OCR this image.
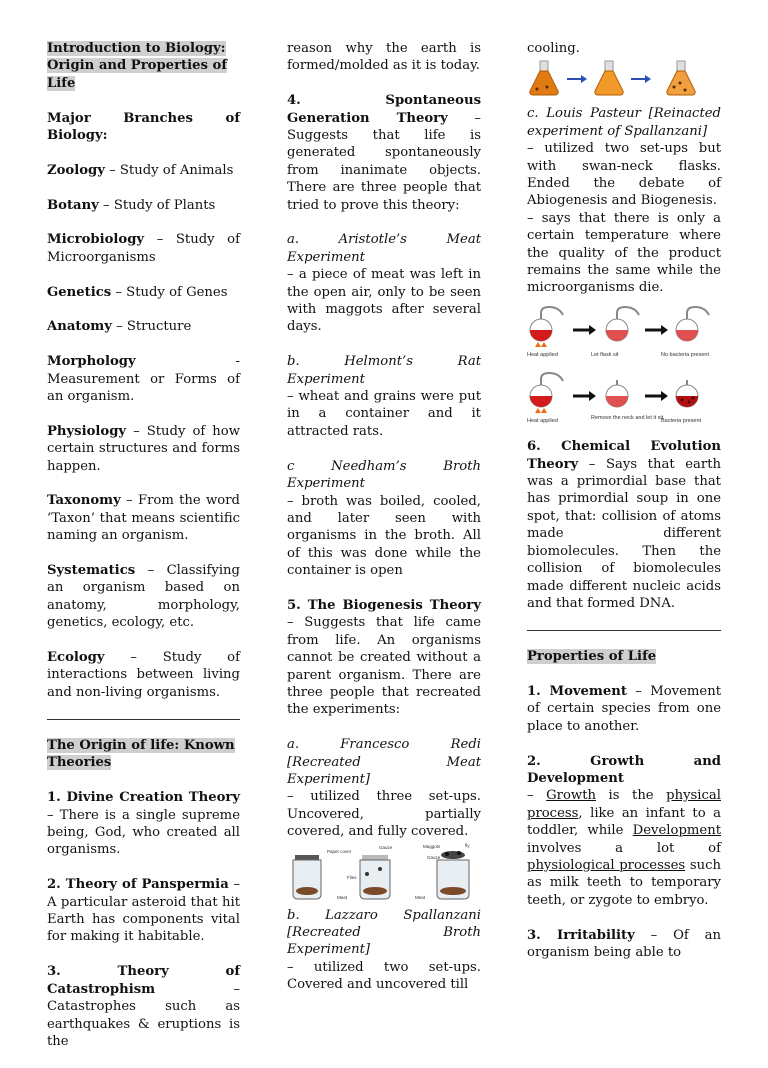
Introduction to Biology:
Origin and Properties of Life

Major Branches of Biology:

Zoology – Study of Animals

Botany – Study of Plants

Microbiology – Study of Microorganisms

Genetics – Study of Genes

Anatomy – Structure

Morphology - Measurement or Forms of an organism.

Physiology – Study of how certain structures and forms happen.

Taxonomy – From the word ‘Taxon’ that means scientific naming an organism.

Systematics – Classifying an organism based on anatomy, morphology, genetics, ecology, etc.

Ecology – Study of interactions between living and non-living organisms.

The Origin of life: Known Theories

1. Divine Creation Theory – There is a single supreme being, God, who created all organisms.

2. Theory of Panspermia – A particular asteroid that hit Earth has components vital for making it habitable.

3. Theory of Catastrophism – Catastrophes such as earthquakes & eruptions is the

reason why the earth is formed/molded as it is today.

4. Spontaneous Generation Theory – Suggests that life is generated spontaneously from inanimate objects. There are three people that tried to prove this theory:

a. Aristotle’s Meat Experiment
– a piece of meat was left in the open air, only to be seen with maggots after several days.

b. Helmont’s Rat Experiment
– wheat and grains were put in a container and it attracted rats.

c Needham’s Broth Experiment
– broth was boiled, cooled, and later seen with organisms in the broth. All of this was done while the container is open

5. The Biogenesis Theory – Suggests that life came from life. An organisms cannot be created without a parent organism. There are three people that recreated the experiments:

a. Francesco Redi [Recreated Meat Experiment]
– utilized three set-ups. Uncovered, partially covered, and fully covered.

Paper cover
Gauze	Maggots	fly
Gauze
Flies
Meat	Meat

b. Lazzaro Spallanzani [Recreated Broth Experiment]
– utilized two set-ups. Covered and uncovered till

cooling.

c. Louis Pasteur [Reinacted experiment of Spallanzani]
– utilized two set-ups but with swan-neck flasks. Ended the debate of Abiogenesis and Biogenesis.
– says that there is only a certain temperature where the quality of the product remains the same while the microorganisms die.

Heat applied	Let flask sit	No bacteria present
Heat applied	Remove the neck and let it sit
Bacteria present

6. Chemical Evolution Theory – Says that earth was a primordial base that has primordial soup in one spot, that: collision of atoms made different biomolecules. Then the collision of biomolecules made different nucleic acids and that formed DNA.

Properties of Life

1. Movement – Movement of certain species from one place to another.

2. Growth and Development
– Growth is the physical process, like an infant to a toddler, while Development involves a lot of physiological processes such as milk teeth to temporary teeth, or zygote to embryo.

3. Irritability – Of an organism being able to
